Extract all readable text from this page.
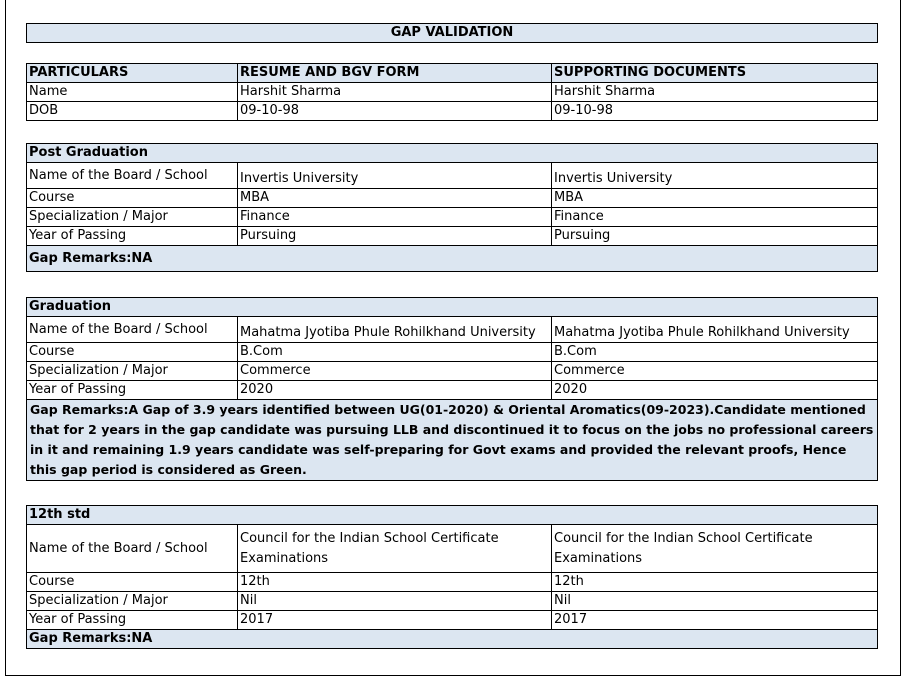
GAP VALIDATION
PARTICULARS	RESUME AND BGV FORM	SUPPORTING DOCUMENTS
Name	Harshit Sharma	Harshit Sharma
DOB	09-10-98	09-10-98
Post Graduation		
Name of the Board / School	Invertis University	Invertis University
Course	MBA	MBA
Specialization / Major	Finance	Finance
Year of Passing	Pursuing	Pursuing
Gap Remarks:NA		
Graduation		
Name of the Board / School	Mahatma Jyotiba Phule Rohilkhand University	Mahatma Jyotiba Phule Rohilkhand University
Course	B.Com	B.Com
Specialization / Major	Commerce	Commerce
Year of Passing	2020	2020
Gap Remarks:A Gap of 3.9 years identified between UG(01-2020) & Oriental Aromatics(09-2023).Candidate mentioned that for 2 years in the gap candidate was pursuing LLB and discontinued it to focus on the jobs no professional careers in it and remaining 1.9 years candidate was self-preparing for Govt exams and provided the relevant proofs, Hence this gap period is considered as Green.		
12th std		
Name of the Board / School	Council for the Indian School Certificate Examinations	Council for the Indian School Certificate Examinations
Course	12th	12th
Specialization / Major	Nil	Nil
Year of Passing	2017	2017
Gap Remarks:NA		
